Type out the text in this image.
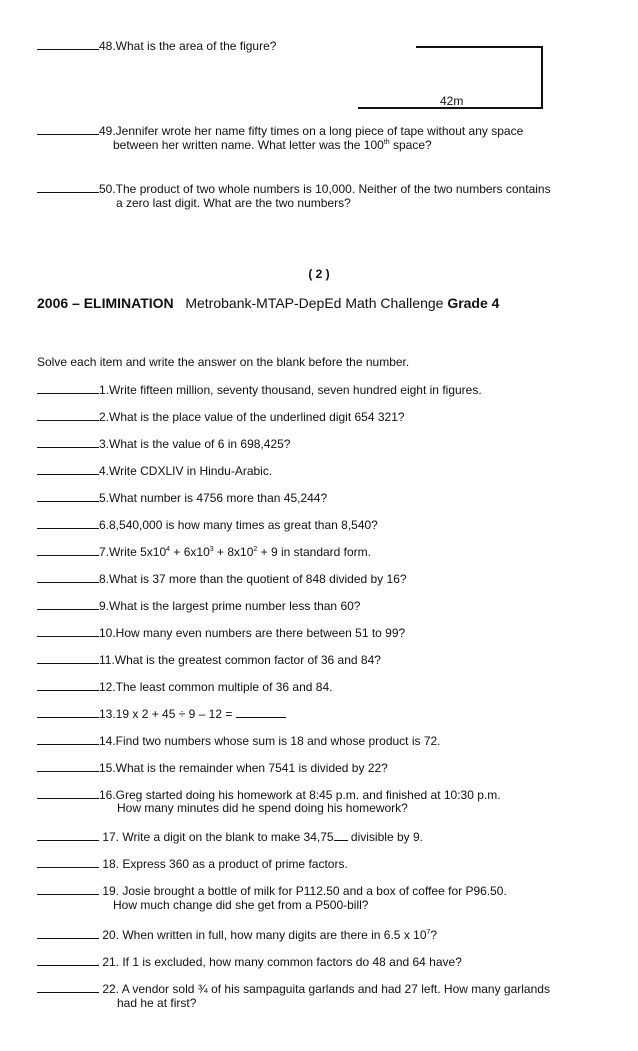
48.What is the area of the figure?
42m
49.Jennifer wrote her name fifty times on a long piece of tape without any space
between her written name. What letter was the 100th space?
50.The product of two whole numbers is 10,000. Neither of the two numbers contains
a zero last digit. What are the two numbers?
( 2 )
2006 – ELIMINATION Metrobank-MTAP-DepEd Math Challenge Grade 4
Solve each item and write the answer on the blank before the number.
1.Write fifteen million, seventy thousand, seven hundred eight in figures.
2.What is the place value of the underlined digit 654 321?
3.What is the value of 6 in 698,425?
4.Write CDXLIV in Hindu-Arabic.
5.What number is 4756 more than 45,244?
6.8,540,000 is how many times as great than 8,540?
7.Write $5x10^4 + 6x10^3 + 8x10^2 + 9$ in standard form.
8.What is 37 more than the quotient of 848 divided by 16?
9.What is the largest prime number less than 60?
10.How many even numbers are there between 51 to 99?
11.What is the greatest common factor of 36 and 84?
12.The least common multiple of 36 and 84.
13.19 x 2 + 45 ÷ 9 – 12 =
14.Find two numbers whose sum is 18 and whose product is 72.
15.What is the remainder when 7541 is divided by 22?
16.Greg started doing his homework at 8:45 p.m. and finished at 10:30 p.m.
How many minutes did he spend doing his homework?
17. Write a digit on the blank to make 34,75 divisible by 9.
18. Express 360 as a product of prime factors.
19. Josie brought a bottle of milk for P112.50 and a box of coffee for P96.50.
How much change did she get from a P500-bill?
20. When written in full, how many digits are there in 6.5 x $10^7$?
21. If 1 is excluded, how many common factors do 48 and 64 have?
22. A vendor sold ¾ of his sampaguita garlands and had 27 left. How many garlands
had he at first?
